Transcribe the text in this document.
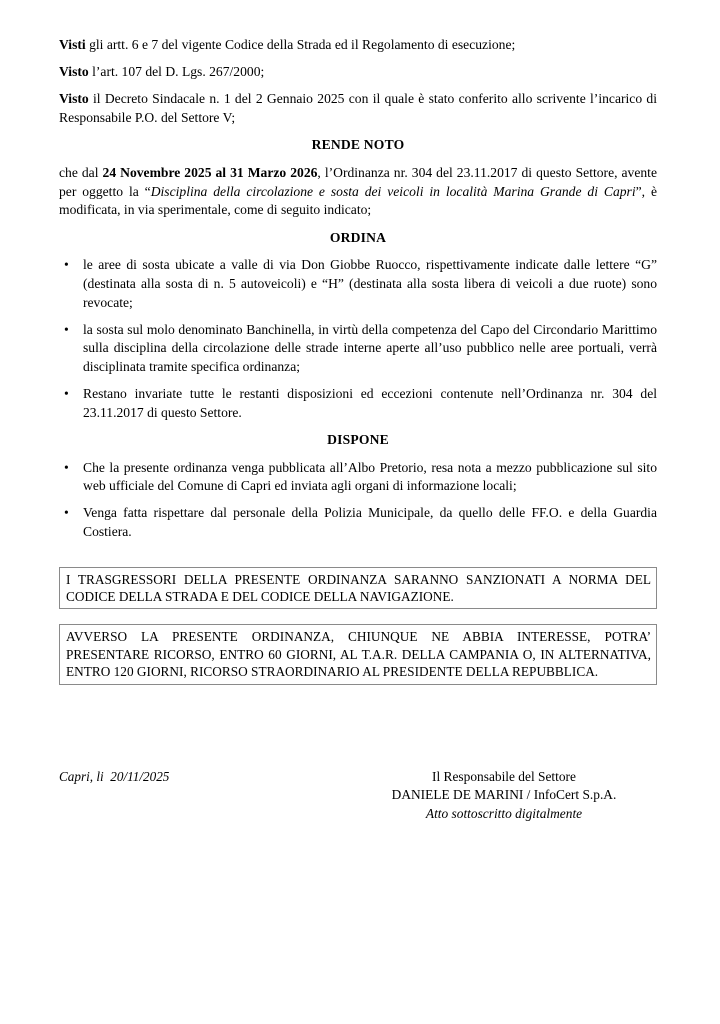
Visti gli artt. 6 e 7 del vigente Codice della Strada ed il Regolamento di esecuzione;

Visto l’art. 107 del D. Lgs. 267/2000;

Visto il Decreto Sindacale n. 1 del 2 Gennaio 2025 con il quale è stato conferito allo scrivente l’incarico di Responsabile P.O. del Settore V;

RENDE NOTO

che dal 24 Novembre 2025 al 31 Marzo 2026, l’Ordinanza nr. 304 del 23.11.2017 di questo Settore, avente per oggetto la “Disciplina della circolazione e sosta dei veicoli in località Marina Grande di Capri”, è modificata, in via sperimentale, come di seguito indicato;

ORDINA
• le aree di sosta ubicate a valle di via Don Giobbe Ruocco, rispettivamente indicate dalle lettere “G” (destinata alla sosta di n. 5 autoveicoli) e “H” (destinata alla sosta libera di veicoli a due ruote) sono revocate;
• la sosta sul molo denominato Banchinella, in virtù della competenza del Capo del Circondario Marittimo sulla disciplina della circolazione delle strade interne aperte all’uso pubblico nelle aree portuali, verrà disciplinata tramite specifica ordinanza;
• Restano invariate tutte le restanti disposizioni ed eccezioni contenute nell’Ordinanza nr. 304 del 23.11.2017 di questo Settore.
DISPONE
• Che la presente ordinanza venga pubblicata all’Albo Pretorio, resa nota a mezzo pubblicazione sul sito web ufficiale del Comune di Capri ed inviata agli organi di informazione locali;
• Venga fatta rispettare dal personale della Polizia Municipale, da quello delle FF.O. e della Guardia Costiera.

I TRASGRESSORI DELLA PRESENTE ORDINANZA SARANNO SANZIONATI A NORMA DEL CODICE DELLA STRADA E DEL CODICE DELLA NAVIGAZIONE.

AVVERSO LA PRESENTE ORDINANZA, CHIUNQUE NE ABBIA INTERESSE, POTRA’ PRESENTARE RICORSO, ENTRO 60 GIORNI, AL T.A.R. DELLA CAMPANIA O, IN ALTERNATIVA, ENTRO 120 GIORNI, RICORSO STRAORDINARIO AL PRESIDENTE DELLA REPUBBLICA.

Capri, li  20/11/2025	Il Responsabile del Settore
DANIELE DE MARINI / InfoCert S.p.A.
Atto sottoscritto digitalmente
